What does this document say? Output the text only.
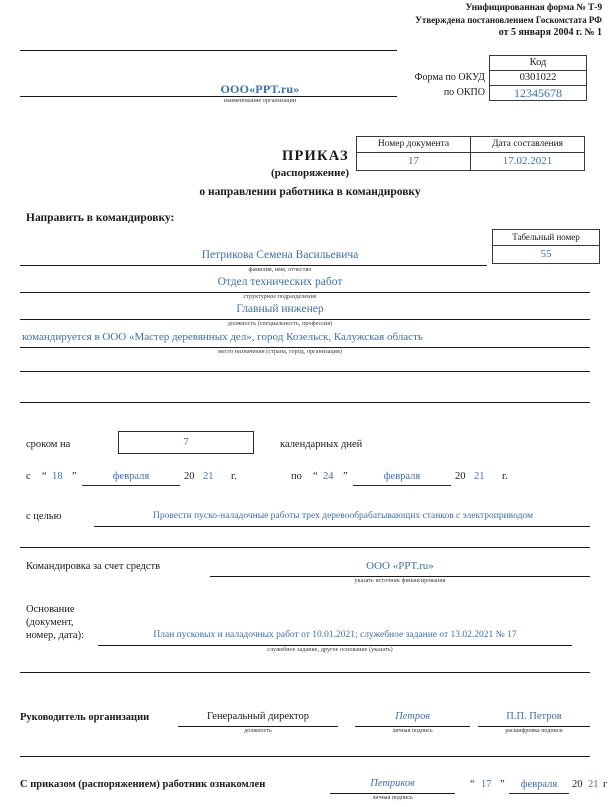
Унифицированная форма № Т-9
Утверждена постановлением Госкомстата РФ
от 5 января 2004 г. № 1
Код
0301022
12345678
Форма по ОКУД
по ОКПО
ООО«PPT.ru»
наименование организации
ПРИКАЗ
(распоряжение)
о направлении работника в командировку
Номер документа	Дата составления
17	17.02.2021
Направить в командировку:
Табельный номер
55
Петрикова Семена Васильевича
фамилия, имя, отчество
Отдел технических работ
структурное подразделение
Главный инженер
должность (специальность, профессия)
командируется в ООО «Мастер деревянных дел», город Козельск, Калужская область
место назначения (страна, город, организация)
сроком на	7	календарных дней
с “ 18 ”	февраля	20 21 г.	по “ 24 ”	февраля	20 21 г.
с целью	Провести пуско-наладочные работы трех деревообрабатывающих станков с электроприводом
Командировка за счет средств	ООО «PPT.ru»
указать источник финансирования
Основание
(документ,
номер, дата):	План пусковых и наладочных работ от 10.01.2021; служебное задание от 13.02.2021 № 17
служебное задание, другое основание (указать)
Руководитель организации	Генеральный директор
должность
Петров
личная подпись
П.П. Петров
расшифровка подписи
С приказом (распоряжением) работник ознакомлен	Петриков
личная подпись
“ 17 ”	февраля	20 21 г
